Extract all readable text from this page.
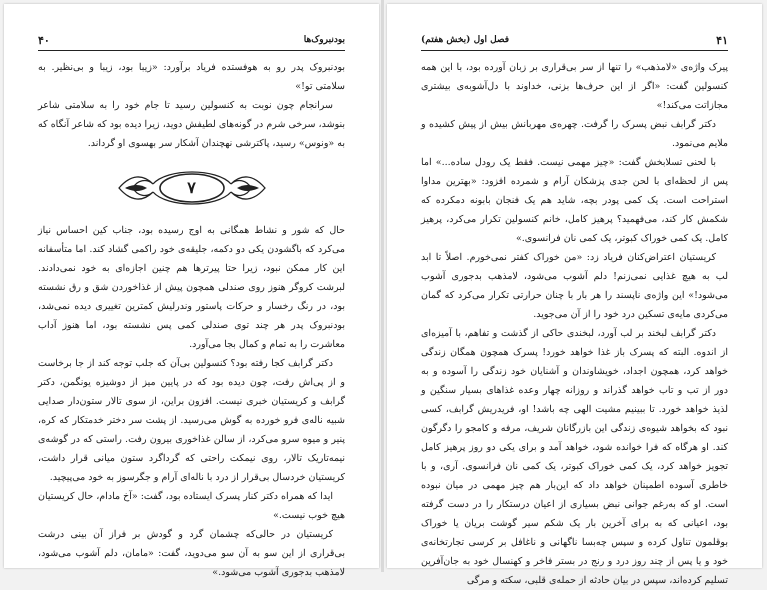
۴۰	بودنبروک‌ها

بودنبروک پدر رو به هوفستده فریاد برآورد: «زیبا بود، زیبا و بی‌نظیر. به سلامتی تو!»

سرانجام چون نوبت به کنسولین رسید تا جام خود را به سلامتی شاعر بنوشد، سرخی شرم در گونه‌های لطیفش دوید، زیرا دیده بود که شاعر آنگاه که به «ونوس» رسید، پاکترشی نهچندان آشکار سر بهسوی او گرداند.

۷

حال که شور و نشاط همگانی به اوج رسیده بود، جناب کین احساس نیاز می‌کرد که باگشودن یکی دو دکمه، جلیقه‌ی خود راکمی گشاد کند. اما متأسفانه این کار ممکن نبود، زیرا حتا پیرترها هم چنین اجازه‌ای به خود نمی‌دادند. لبرشت کروگر هنوز روی صندلی همچون پیش از غذاخوردن شق و رق نشسته بود، در رنگ رخسار و حرکات پاستور وندرلیش کمترین تغییری دیده نمی‌شد، بودنبروک پدر هر چند توی صندلی کمی پس نشسته بود، اما هنوز آداب معاشرت را به تمام و کمال بجا می‌آورد.

دکتر گرابف کجا رفته بود؟ کنسولین بی‌آن که جلب توجه کند از جا برخاست و از پی‌اش رفت، چون دیده بود که در پایین میز از دوشیزه یونگمن، دکتر گرابف و کریستیان خبری نیست. افزون براین، از سوی تالار ستون‌دار صدایی شبیه ناله‌ی فرو خورده به گوش می‌رسید. از پشت سر دختر خدمتکار که کره، پنیر و میوه سرو می‌کرد، از سالن غذاخوری بیرون رفت. راستی که در گوشه‌ی نیمه‌تاریک تالار، روی نیمکت راحتی که گرداگرد ستون میانی قرار داشت، کریستیان خردسال بی‌قرار از درد با ناله‌ای آرام و جگرسوز به خود می‌پیچید.

ایدا که همراه دکتر کنار پسرک ایستاده بود، گفت: «آخ مادام، حال کریستیان هیچ خوب نیست.»

کریستیان در حالی‌که چشمان گرد و گودش بر فراز آن بینی درشت بی‌قراری از این سو به آن سو می‌دوید، گفت: «مامان، دلم آشوب می‌شود، لامذهب بدجوری آشوب می‌شود.»

۴۱
فصل اول (بخش هفتم)

پیرک واژه‌ی «لامذهب» را تنها از سر بی‌قراری بر زبان آورده بود، با این همه کنسولین گفت: «اگر از این حرف‌ها بزنی، خداوند با دل‌آشوبه‌ی بیشتری مجازاتت می‌کند!»

دکتر گرابف نبض پسرک را گرفت. چهره‌ی مهربانش بیش از پیش کشیده و ملایم می‌نمود.

با لحنی تسلابخش گفت: «چیز مهمی نیست. فقط یک رودل ساده...» اما پس از لحظه‌ای با لحن جدی پزشکان آرام و شمرده افزود: «بهترین مداوا استراحت است. یک کمی پودر بچه، شاید هم یک فنجان بابونه دمکرده که شکمش کار کند، می‌فهمید؟ پرهیز کامل، خانم کنسولین تکرار می‌کرد، پرهیز کامل. یک کمی خوراک کبوتر، یک کمی نان فرانسوی.»

کریستیان اعتراض‌کنان فریاد زد: «من خوراک کفتر نمی‌خورم. اصلاً تا ابد لب به هیچ غذایی نمی‌زنم! دلم آشوب می‌شود، لامذهب بدجوری آشوب می‌شود!» این واژه‌ی ناپسند را هر بار با چنان حرارتی تکرار می‌کرد که گمان می‌کردی مایه‌ی تسکین درد خود را از آن می‌جوید.

دکتر گرابف لبخند بر لب آورد، لبخندی حاکی از گذشت و تفاهم، با آمیزه‌ای از اندوه. البته که پسرک باز غذا خواهد خورد! پسرک همچون همگان زندگی خواهد کرد، همچون اجداد، خویشاوندان و آشنایان خود زندگی را آسوده و به دور از تب و تاب خواهد گذراند و روزانه چهار وعده غذاهای بسیار سنگین و لذیذ خواهد خورد. تا ببینیم مشیت الهی چه باشد! او، فریدریش گرابف، کسی نبود که بخواهد شیوه‌ی زندگی این بازرگانان شریف، مرفه و کامجو را دگرگون کند. او هرگاه که فرا خوانده شود، خواهد آمد و برای یکی دو روز پرهیز کامل تجویز خواهد کرد، یک کمی خوراک کبوتر، یک کمی نان فرانسوی. آری، و با خاطری آسوده اطمینان خواهد داد که این‌بار هم چیز مهمی در میان نبوده است. او که به‌رغم جوانی نبض بسیاری از اعیان درستکار را در دست گرفته بود، اعیانی که به برای آخرین بار یک شکم سیر گوشت بریان یا خوراک بوقلمون تناول کرده و سپس چه‌بسا ناگهانی و ناغافل بر کرسی تجارتخانه‌ی خود و یا پس از چند روز درد و رنج در بستر فاخر و کهنسال خود به جان‌آفرین تسلیم کرده‌اند، سپس در بیان حادثه از حمله‌ی قلبی، سکته و مرگی
